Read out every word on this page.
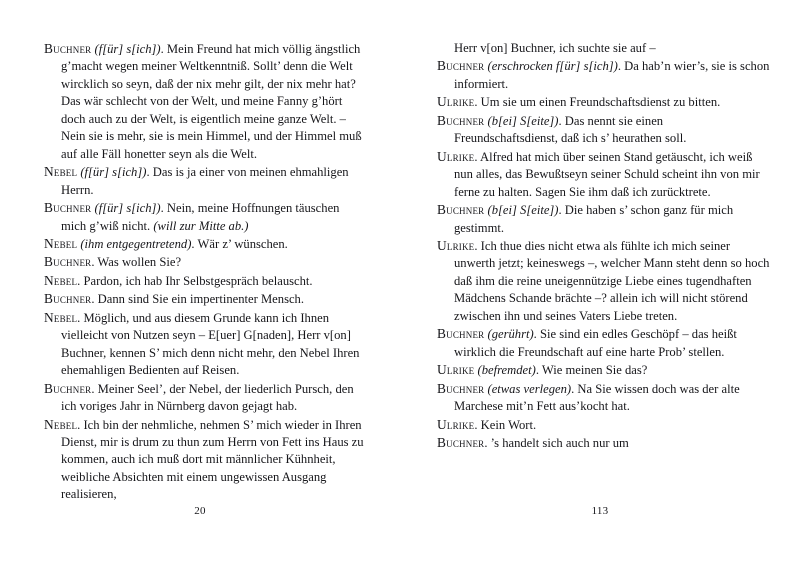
Buchner (f[ür] s[ich]). Mein Freund hat mich völlig ängstlich g’macht wegen meiner Weltkenntniß. Sollt’ denn die Welt wircklich so seyn, daß der nix mehr gilt, der nix mehr hat? Das wär schlecht von der Welt, und meine Fanny g’hört doch auch zu der Welt, is eigentlich meine ganze Welt. – Nein sie is mehr, sie is mein Himmel, und der Himmel muß auf alle Fäll honetter seyn als die Welt.

Nebel (f[ür] s[ich]). Das is ja einer von meinen ehmahligen Herrn.

Buchner (f[ür] s[ich]). Nein, meine Hoffnungen täuschen mich g’wiß nicht. (will zur Mitte ab.)

Nebel (ihm entgegentretend). Wär z’ wünschen.

Buchner. Was wollen Sie?

Nebel. Pardon, ich hab Ihr Selbstgespräch belauscht.

Buchner. Dann sind Sie ein impertinenter Mensch.

Nebel. Möglich, und aus diesem Grunde kann ich Ihnen vielleicht von Nutzen seyn – E[uer] G[naden], Herr v[on] Buchner, kennen S’ mich denn nicht mehr, den Nebel Ihren ehemahligen Bedienten auf Reisen.

Buchner. Meiner Seel’, der Nebel, der liederlich Pursch, den ich voriges Jahr in Nürnberg davon gejagt hab.

Nebel. Ich bin der nehmliche, nehmen S’ mich wieder in Ihren Dienst, mir is drum zu thun zum Herrn von Fett ins Haus zu kommen, auch ich muß dort mit männlicher Kühnheit, weibliche Absichten mit einem ungewissen Ausgang realisieren,

20

Herr v[on] Buchner, ich suchte sie auf –

Buchner (erschrocken f[ür] s[ich]). Da hab’n wier’s, sie is schon informiert.

Ulrike. Um sie um einen Freundschaftsdienst zu bitten.

Buchner (b[ei] S[eite]). Das nennt sie einen Freundschaftsdienst, daß ich s’ heurathen soll.

Ulrike. Alfred hat mich über seinen Stand getäuscht, ich weiß nun alles, das Bewußtseyn seiner Schuld scheint ihn von mir ferne zu halten. Sagen Sie ihm daß ich zurücktrete.

Buchner (b[ei] S[eite]). Die haben s’ schon ganz für mich gestimmt.

Ulrike. Ich thue dies nicht etwa als fühlte ich mich seiner unwerth jetzt; keineswegs –, welcher Mann steht denn so hoch daß ihm die reine uneigennützige Liebe eines tugendhaften Mädchens Schande brächte –? allein ich will nicht störend zwischen ihn und seines Vaters Liebe treten.

Buchner (gerührt). Sie sind ein edles Geschöpf – das heißt wirklich die Freundschaft auf eine harte Prob’ stellen.

Ulrike (befremdet). Wie meinen Sie das?

Buchner (etwas verlegen). Na Sie wissen doch was der alte Marchese mit’n Fett aus’kocht hat.

Ulrike. Kein Wort.

Buchner. ’s handelt sich auch nur um

113
